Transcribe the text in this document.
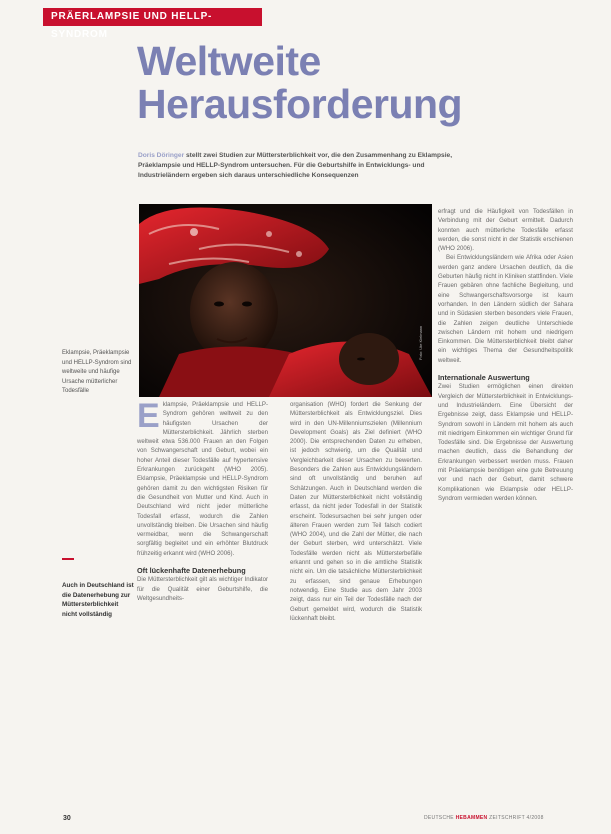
PRÄERLAMPSIE UND HELLP-SYNDROM
Weltweite
Herausforderung

Doris Döringer stellt zwei Studien zur Müttersterblichkeit vor, die den Zusammenhang zu Eklampsie, Präeklampsie und HELLP-Syndrom untersuchen. Für die Geburtshilfe in Entwicklungs- und Industrieländern ergeben sich daraus unterschiedliche Konsequenzen

Foto: Ute Kielmann

Eklampsie, Präeklampsie und HELLP-Syndrom sind weltweite und häufige Ursache mütterlicher Todesfälle

Auch in Deutschland ist die Datenerhebung zur Müttersterblichkeit nicht vollständig

Eklampsie, Präeklampsie und HELLP-Syndrom gehören weltweit zu den häufigsten Ursachen der Müttersterblichkeit. Jährlich sterben weltweit etwa 536.000 Frauen an den Folgen von Schwangerschaft und Geburt, wobei ein hoher Anteil dieser Todesfälle auf hypertensive Erkrankungen zurückgeht (WHO 2005). Eklampsie, Präeklampsie und HELLP-Syndrom gehören damit zu den wichtigsten Risiken für die Gesundheit von Mutter und Kind. Auch in Deutschland wird nicht jeder mütterliche Todesfall erfasst, wodurch die Zahlen unvollständig bleiben. Die Ursachen sind häufig vermeidbar, wenn die Schwangerschaft sorgfältig begleitet und ein erhöhter Blutdruck frühzeitig erkannt wird (WHO 2006).

Oft lückenhafte Datenerhebung

Die Müttersterblichkeit gilt als wichtiger Indikator für die Qualität einer Geburtshilfe, die Weltgesundheits-

organisation (WHO) fordert die Senkung der Müttersterblichkeit als Entwicklungsziel. Dies wird in den UN-Millenniumszielen (Millennium Development Goals) als Ziel definiert (WHO 2000). Die entsprechenden Daten zu erheben, ist jedoch schwierig, um die Qualität und Vergleichbarkeit dieser Ursachen zu bewerten. Besonders die Zahlen aus Entwicklungsländern sind oft unvollständig und beruhen auf Schätzungen. Auch in Deutschland werden die Daten zur Müttersterblichkeit nicht vollständig erfasst, da nicht jeder Todesfall in der Statistik erscheint. Todesursachen bei sehr jungen oder älteren Frauen werden zum Teil falsch codiert (WHO 2004), und die Zahl der Mütter, die nach der Geburt sterben, wird unterschätzt. Viele Todesfälle werden nicht als Müttersterbefälle erkannt und gehen so in die amtliche Statistik nicht ein. Um die tatsächliche Müttersterblichkeit zu erfassen, sind genaue Erhebungen notwendig. Eine Studie aus dem Jahr 2003 zeigt, dass nur ein Teil der Todesfälle nach der Geburt gemeldet wird, wodurch die Statistik lückenhaft bleibt.

erfragt und die Häufigkeit von Todesfällen in Verbindung mit der Geburt ermittelt. Dadurch konnten auch mütterliche Todesfälle erfasst werden, die sonst nicht in der Statistik erschienen (WHO 2006).

Bei Entwicklungsländern wie Afrika oder Asien werden ganz andere Ursachen deutlich, da die Geburten häufig nicht in Kliniken stattfinden. Viele Frauen gebären ohne fachliche Begleitung, und eine Schwangerschaftsvorsorge ist kaum vorhanden. In den Ländern südlich der Sahara und in Südasien sterben besonders viele Frauen, die Zahlen zeigen deutliche Unterschiede zwischen Ländern mit hohem und niedrigem Einkommen. Die Müttersterblichkeit bleibt daher ein wichtiges Thema der Gesundheitspolitik weltweit.

Internationale Auswertung

Zwei Studien ermöglichen einen direkten Vergleich der Müttersterblichkeit in Entwicklungs- und Industrieländern. Eine Übersicht der Ergebnisse zeigt, dass Eklampsie und HELLP-Syndrom sowohl in Ländern mit hohem als auch mit niedrigem Einkommen ein wichtiger Grund für Todesfälle sind. Die Ergebnisse der Auswertung machen deutlich, dass die Behandlung der Erkrankungen verbessert werden muss. Frauen mit Präeklampsie benötigen eine gute Betreuung vor und nach der Geburt, damit schwere Komplikationen wie Eklampsie oder HELLP-Syndrom vermieden werden können.

30	DEUTSCHE HEBAMMEN ZEITSCHRIFT 4/2008
